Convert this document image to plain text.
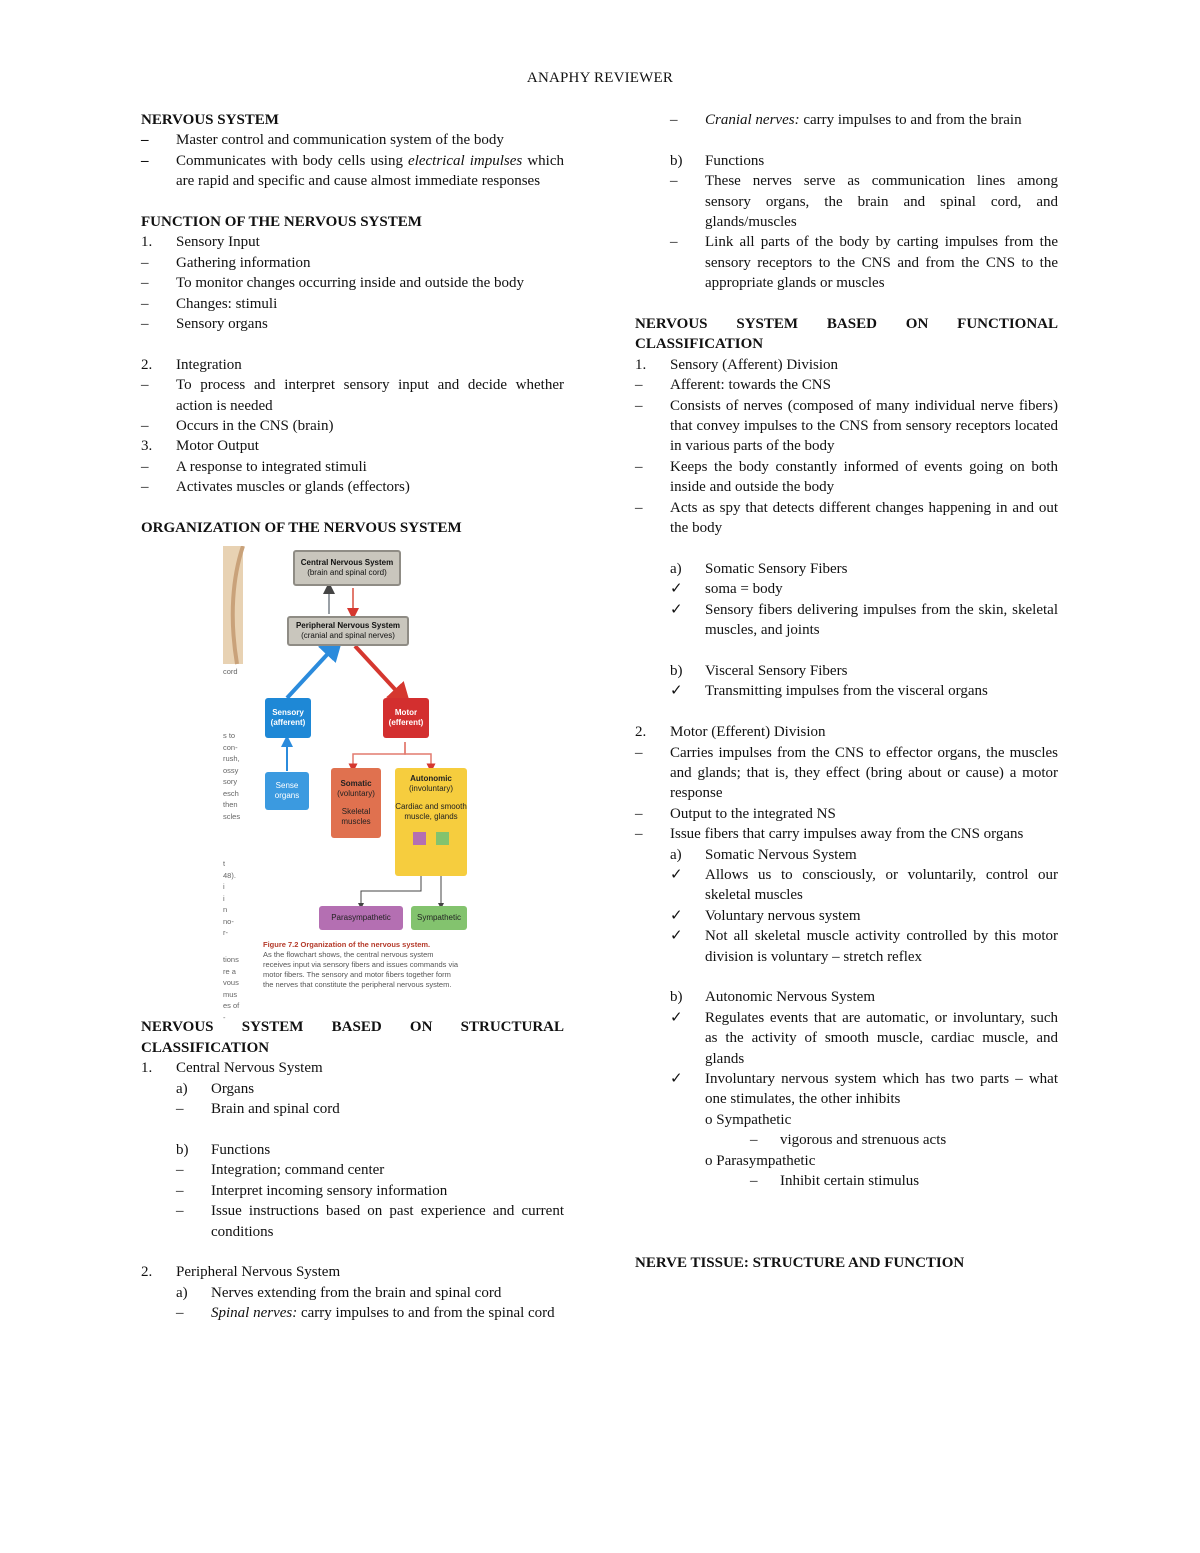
ANAPHY REVIEWER

NERVOUS SYSTEM

–	Master control and communication system of the body
–	Communicates with body cells using electrical impulses which are rapid and specific and cause almost immediate responses

FUNCTION OF THE NERVOUS SYSTEM

1.	Sensory Input
–	Gathering information
–	To monitor changes occurring inside and outside the body
–	Changes: stimuli
–	Sensory organs
2.	Integration
–	To process and interpret sensory input and decide whether action is needed
–	Occurs in the CNS (brain)
3.	Motor Output
–	A response to integrated stimuli
–	Activates muscles or glands (effectors)

ORGANIZATION OF THE NERVOUS SYSTEM

Central Nervous System
(brain and spinal cord)
Peripheral Nervous System
(cranial and spinal nerves)
Sensory
(afferent)
Motor
(efferent)
Sense organs
Somatic
(voluntary)
Skeletal muscles
Autonomic
(involuntary)
Cardiac and smooth muscle, glands
Parasympathetic	Sympathetic
Figure 7.2 Organization of the nervous system.
As the flowchart shows, the central nervous system receives input via sensory fibers and issues commands via motor fibers. The sensory and motor fibers together form the nerves that constitute the peripheral nervous system.
cord
s to
con-
rush,
ossy
sory
esch
then
scles
t
48).
i
i
n
no-
r-
tions
re a
vous
mus
es of
-

NERVOUS SYSTEM BASED ON STRUCTURAL CLASSIFICATION

1.	Central Nervous System
a)	Organs
–	Brain and spinal cord
b)	Functions
–	Integration; command center
–	Interpret incoming sensory information
–	Issue instructions based on past experience and current conditions
2.	Peripheral Nervous System
a)	Nerves extending from the brain and spinal cord
–	Spinal nerves: carry impulses to and from the spinal cord
–	Cranial nerves: carry impulses to and from the brain
b)	Functions
–	These nerves serve as communication lines among sensory organs, the brain and spinal cord, and glands/muscles
–	Link all parts of the body by carting impulses from the sensory receptors to the CNS and from the CNS to the appropriate glands or muscles

NERVOUS SYSTEM BASED ON FUNCTIONAL CLASSIFICATION

1.	Sensory (Afferent) Division
–	Afferent: towards the CNS
–	Consists of nerves (composed of many individual nerve fibers) that convey impulses to the CNS from sensory receptors located in various parts of the body
–	Keeps the body constantly informed of events going on both inside and outside the body
–	Acts as spy that detects different changes happening in and out the body
a)	Somatic Sensory Fibers
✓	soma = body
✓	Sensory fibers delivering impulses from the skin, skeletal muscles, and joints
b)	Visceral Sensory Fibers
✓	Transmitting impulses from the visceral organs
2.	Motor (Efferent) Division
–	Carries impulses from the CNS to effector organs, the muscles and glands; that is, they effect (bring about or cause) a motor response
–	Output to the integrated NS
–	Issue fibers that carry impulses away from the CNS organs
a)	Somatic Nervous System
✓	Allows us to consciously, or voluntarily, control our skeletal muscles
✓	Voluntary nervous system
✓	Not all skeletal muscle activity controlled by this motor division is voluntary – stretch reflex
b)	Autonomic Nervous System
✓	Regulates events that are automatic, or involuntary, such as the activity of smooth muscle, cardiac muscle, and glands
✓	Involuntary nervous system which has two parts – what one stimulates, the other inhibits
o Sympathetic
–	vigorous and strenuous acts
o Parasympathetic
–	Inhibit certain stimulus

NERVE TISSUE: STRUCTURE AND FUNCTION
